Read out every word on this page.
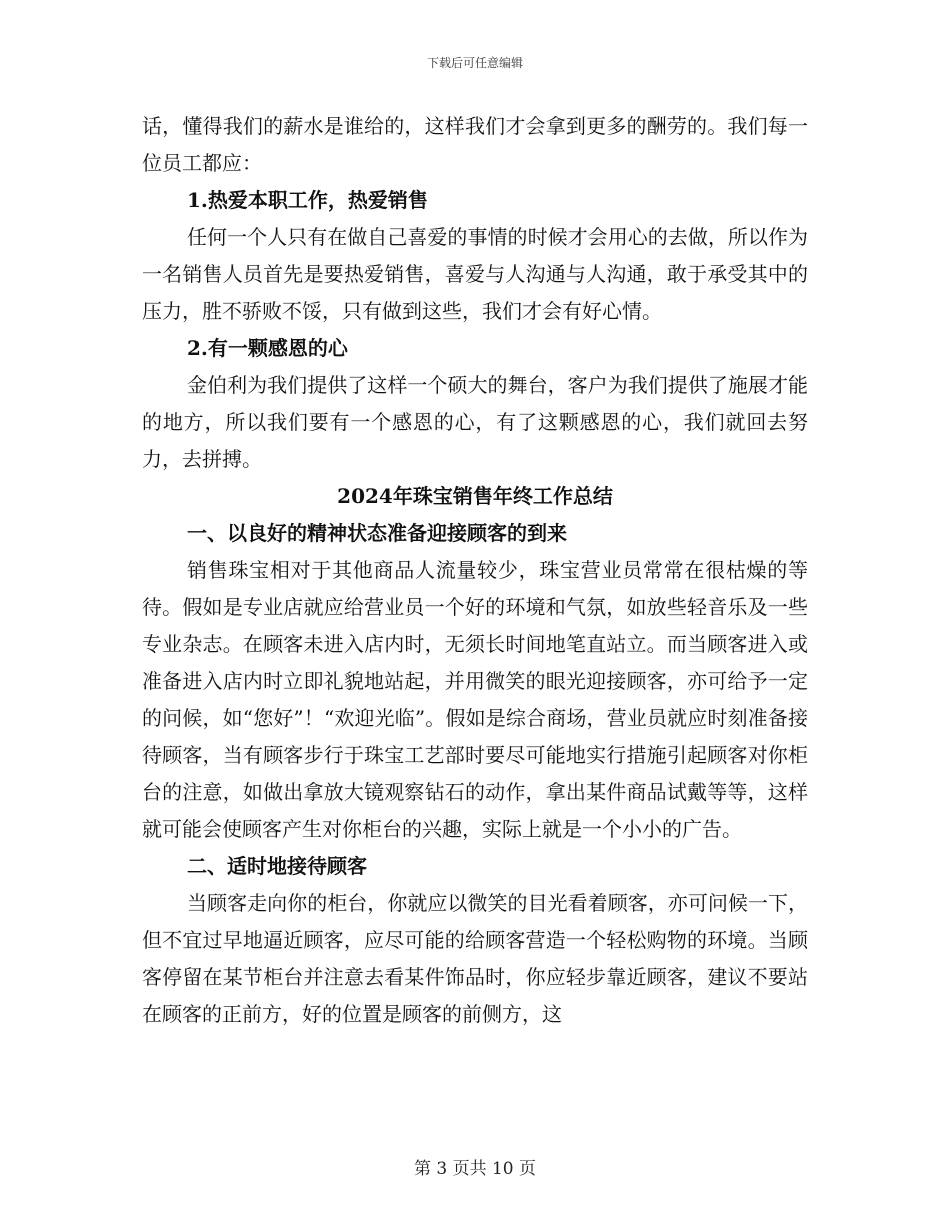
下载后可任意编辑

话，懂得我们的薪水是谁给的，这样我们才会拿到更多的酬劳的。我们每一位员工都应：

1.热爱本职工作，热爱销售

任何一个人只有在做自己喜爱的事情的时候才会用心的去做，所以作为一名销售人员首先是要热爱销售，喜爱与人沟通与人沟通，敢于承受其中的压力，胜不骄败不馁，只有做到这些，我们才会有好心情。

2.有一颗感恩的心

金伯利为我们提供了这样一个硕大的舞台，客户为我们提供了施展才能的地方，所以我们要有一个感恩的心，有了这颗感恩的心，我们就回去努力，去拼搏。

2024年珠宝销售年终工作总结

一、以良好的精神状态准备迎接顾客的到来

销售珠宝相对于其他商品人流量较少，珠宝营业员常常在很枯燥的等待。假如是专业店就应给营业员一个好的环境和气氛，如放些轻音乐及一些专业杂志。在顾客未进入店内时，无须长时间地笔直站立。而当顾客进入或准备进入店内时立即礼貌地站起，并用微笑的眼光迎接顾客，亦可给予一定的问候，如“您好”！“欢迎光临”。假如是综合商场，营业员就应时刻准备接待顾客，当有顾客步行于珠宝工艺部时要尽可能地实行措施引起顾客对你柜台的注意，如做出拿放大镜观察钻石的动作，拿出某件商品试戴等等，这样就可能会使顾客产生对你柜台的兴趣，实际上就是一个小小的广告。

二、适时地接待顾客

当顾客走向你的柜台，你就应以微笑的目光看着顾客，亦可问候一下，但不宜过早地逼近顾客，应尽可能的给顾客营造一个轻松购物的环境。当顾客停留在某节柜台并注意去看某件饰品时，你应轻步靠近顾客，建议不要站在顾客的正前方，好的位置是顾客的前侧方，这

第 3 页共 10 页
